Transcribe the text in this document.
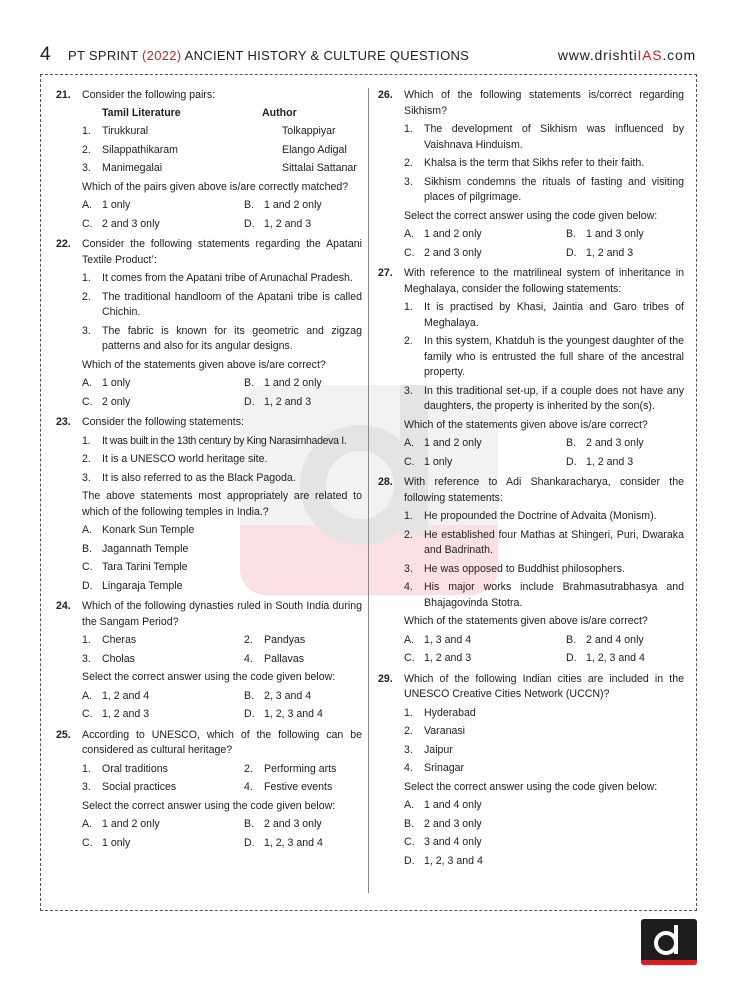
4 PT SPRINT (2022) ANCIENT HISTORY & CULTURE QUESTIONS	www.drishtiIAS.com
21. Consider the following pairs:
Tamil Literature	Author
1. Tirukkural	Tolkappiyar
2. Silappathikaram	Elango Adigal
3. Manimegalai	Sittalai Sattanar
Which of the pairs given above is/are correctly matched?
A. 1 only	B. 1 and 2 only
C. 2 and 3 only	D. 1, 2 and 3
22. Consider the following statements regarding the Apatani Textile Product’:
1. It comes from the Apatani tribe of Arunachal Pradesh.
2. The traditional handloom of the Apatani tribe is called Chichin.
3. The fabric is known for its geometric and zigzag patterns and also for its angular designs.
Which of the statements given above is/are correct?
A. 1 only	B. 1 and 2 only
C. 2 only	D. 1, 2 and 3
23. Consider the following statements:
1. It was built in the 13th century by King Narasimhadeva I.
2. It is a UNESCO world heritage site.
3. It is also referred to as the Black Pagoda.
The above statements most appropriately are related to which of the following temples in India.?
A. Konark Sun Temple
B. Jagannath Temple
C. Tara Tarini Temple
D. Lingaraja Temple
24. Which of the following dynasties ruled in South India during the Sangam Period?
1. Cheras	2. Pandyas
3. Cholas	4. Pallavas
Select the correct answer using the code given below:
A. 1, 2 and 4	B. 2, 3 and 4
C. 1, 2 and 3	D. 1, 2, 3 and 4
25. According to UNESCO, which of the following can be considered as cultural heritage?
1. Oral traditions	2. Performing arts
3. Social practices	4. Festive events
Select the correct answer using the code given below:
A. 1 and 2 only	B. 2 and 3 only
C. 1 only	D. 1, 2, 3 and 4
26. Which of the following statements is/correct regarding Sikhism?
1. The development of Sikhism was influenced by Vaishnava Hinduism.
2. Khalsa is the term that Sikhs refer to their faith.
3. Sikhism condemns the rituals of fasting and visiting places of pilgrimage.
Select the correct answer using the code given below:
A. 1 and 2 only	B. 1 and 3 only
C. 2 and 3 only	D. 1, 2 and 3
27. With reference to the matrilineal system of inheritance in Meghalaya, consider the following statements:
1. It is practised by Khasi, Jaintia and Garo tribes of Meghalaya.
2. In this system, Khatduh is the youngest daughter of the family who is entrusted the full share of the ancestral property.
3. In this traditional set-up, if a couple does not have any daughters, the property is inherited by the son(s).
Which of the statements given above is/are correct?
A. 1 and 2 only	B. 2 and 3 only
C. 1 only	D. 1, 2 and 3
28. With reference to Adi Shankaracharya, consider the following statements:
1. He propounded the Doctrine of Advaita (Monism).
2. He established four Mathas at Shingeri, Puri, Dwaraka and Badrinath.
3. He was opposed to Buddhist philosophers.
4. His major works include Brahmasutrabhasya and Bhajagovinda Stotra.
Which of the statements given above is/are correct?
A. 1, 3 and 4	B. 2 and 4 only
C. 1, 2 and 3	D. 1, 2, 3 and 4
29. Which of the following Indian cities are included in the UNESCO Creative Cities Network (UCCN)?
1. Hyderabad
2. Varanasi
3. Jaipur
4. Srinagar
Select the correct answer using the code given below:
A. 1 and 4 only
B. 2 and 3 only
C. 3 and 4 only
D. 1, 2, 3 and 4
